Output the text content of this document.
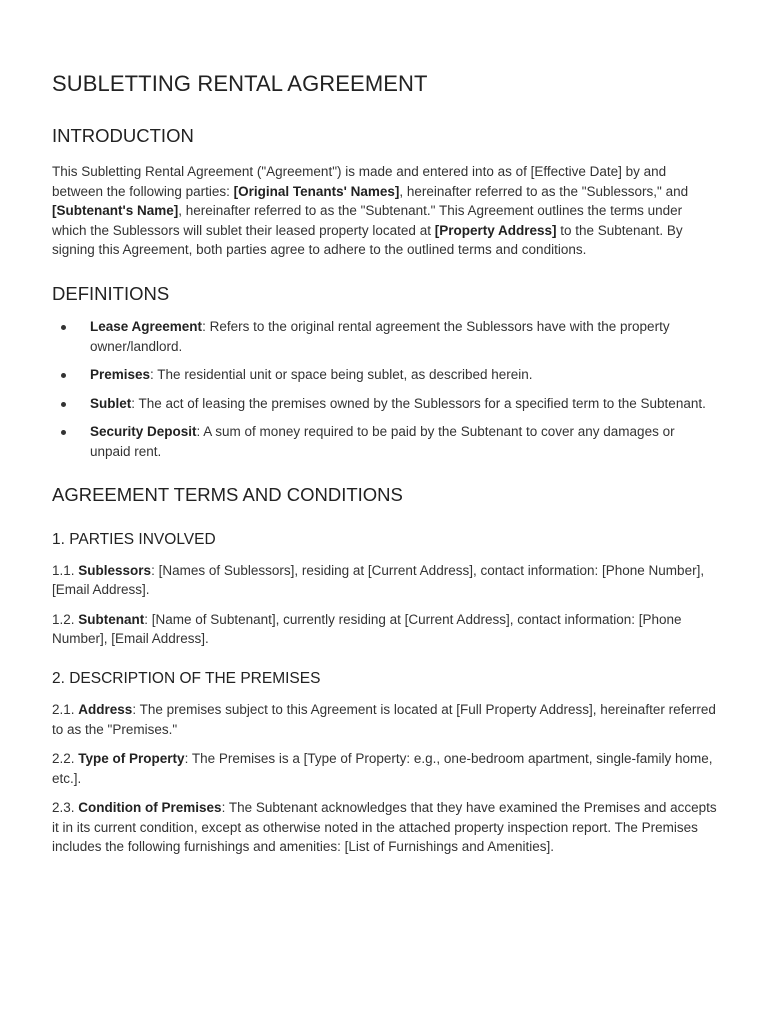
SUBLETTING RENTAL AGREEMENT
INTRODUCTION

This Subletting Rental Agreement ("Agreement") is made and entered into as of [Effective Date] by and between the following parties: [Original Tenants' Names], hereinafter referred to as the "Sublessors," and [Subtenant's Name], hereinafter referred to as the "Subtenant." This Agreement outlines the terms under which the Sublessors will sublet their leased property located at [Property Address] to the Subtenant. By signing this Agreement, both parties agree to adhere to the outlined terms and conditions.

DEFINITIONS
Lease Agreement: Refers to the original rental agreement the Sublessors have with the property owner/landlord.
Premises: The residential unit or space being sublet, as described herein.
Sublet: The act of leasing the premises owned by the Sublessors for a specified term to the Subtenant.
Security Deposit: A sum of money required to be paid by the Subtenant to cover any damages or unpaid rent.
AGREEMENT TERMS AND CONDITIONS
1. PARTIES INVOLVED

1.1. Sublessors: [Names of Sublessors], residing at [Current Address], contact information: [Phone Number], [Email Address].

1.2. Subtenant: [Name of Subtenant], currently residing at [Current Address], contact information: [Phone Number], [Email Address].

2. DESCRIPTION OF THE PREMISES

2.1. Address: The premises subject to this Agreement is located at [Full Property Address], hereinafter referred to as the "Premises."

2.2. Type of Property: The Premises is a [Type of Property: e.g., one-bedroom apartment, single-family home, etc.].

2.3. Condition of Premises: The Subtenant acknowledges that they have examined the Premises and accepts it in its current condition, except as otherwise noted in the attached property inspection report. The Premises includes the following furnishings and amenities: [List of Furnishings and Amenities].
